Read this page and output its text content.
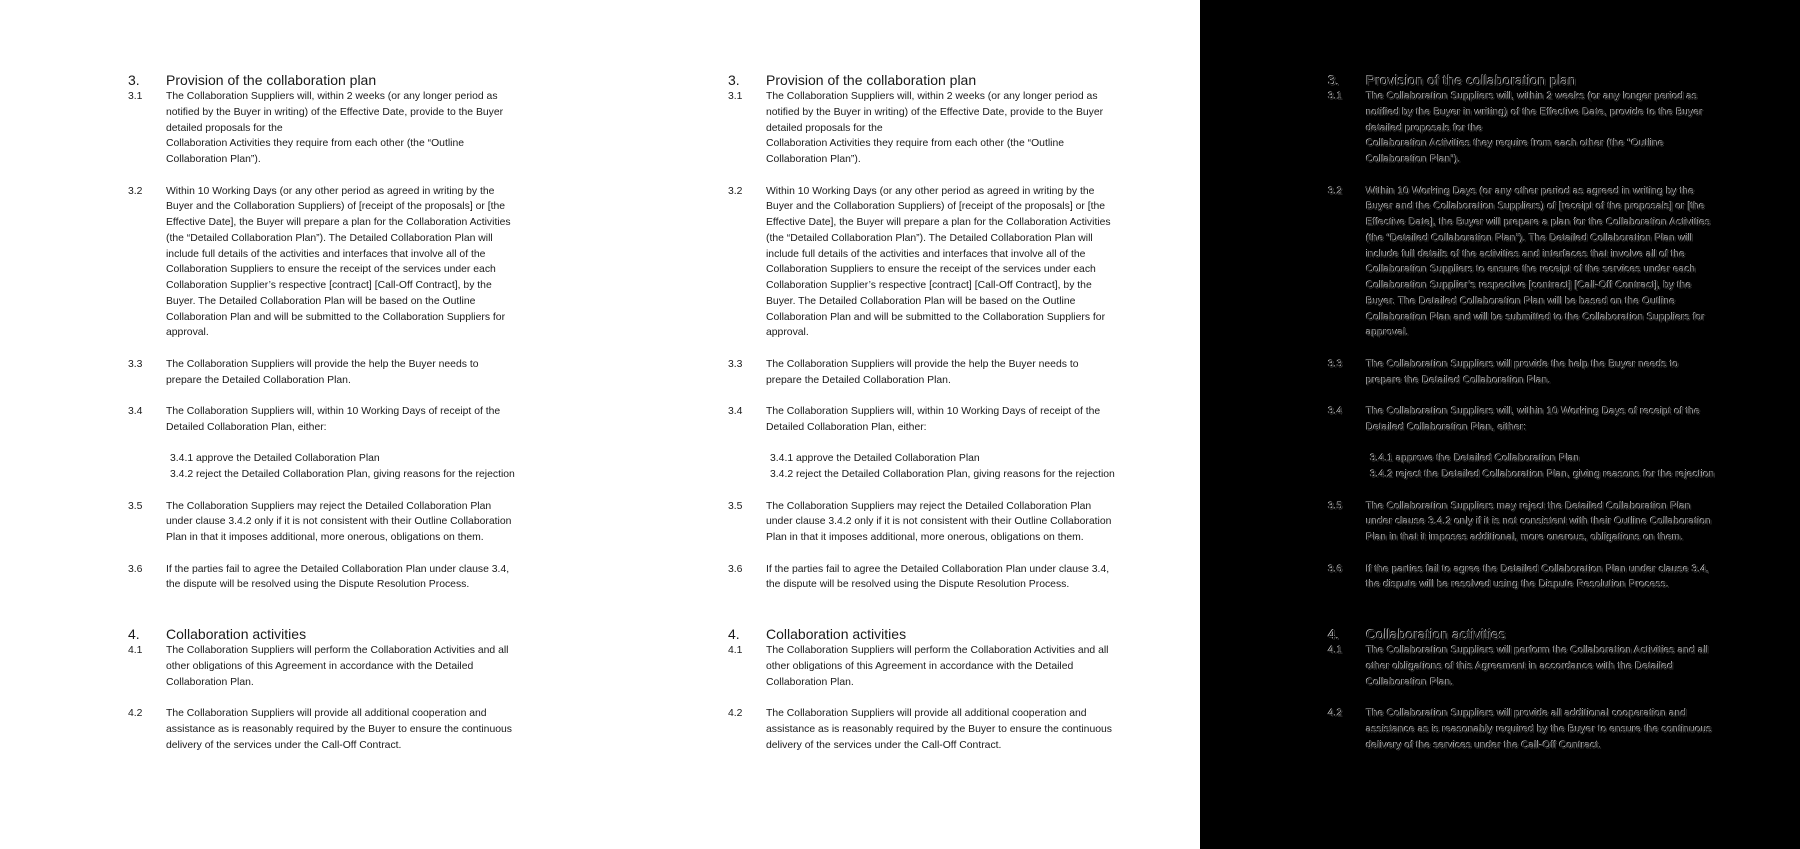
3.	Provision of the collaboration plan
3.1	The Collaboration Suppliers will, within 2 weeks (or any longer period as
notified by the Buyer in writing) of the Effective Date, provide to the Buyer
detailed proposals for the
Collaboration Activities they require from each other (the “Outline
Collaboration Plan”).
3.2	Within 10 Working Days (or any other period as agreed in writing by the
Buyer and the Collaboration Suppliers) of [receipt of the proposals] or [the
Effective Date], the Buyer will prepare a plan for the Collaboration Activities
(the “Detailed Collaboration Plan”). The Detailed Collaboration Plan will
include full details of the activities and interfaces that involve all of the
Collaboration Suppliers to ensure the receipt of the services under each
Collaboration Supplier’s respective [contract] [Call-Off Contract], by the
Buyer. The Detailed Collaboration Plan will be based on the Outline
Collaboration Plan and will be submitted to the Collaboration Suppliers for
approval.
3.3	The Collaboration Suppliers will provide the help the Buyer needs to
prepare the Detailed Collaboration Plan.
3.4	The Collaboration Suppliers will, within 10 Working Days of receipt of the
Detailed Collaboration Plan, either:
3.4.1 approve the Detailed Collaboration Plan
3.4.2 reject the Detailed Collaboration Plan, giving reasons for the rejection
3.5	The Collaboration Suppliers may reject the Detailed Collaboration Plan
under clause 3.4.2 only if it is not consistent with their Outline Collaboration
Plan in that it imposes additional, more onerous, obligations on them.
3.6	If the parties fail to agree the Detailed Collaboration Plan under clause 3.4,
the dispute will be resolved using the Dispute Resolution Process.
4.	Collaboration activities
4.1	The Collaboration Suppliers will perform the Collaboration Activities and all
other obligations of this Agreement in accordance with the Detailed
Collaboration Plan.
4.2	The Collaboration Suppliers will provide all additional cooperation and
assistance as is reasonably required by the Buyer to ensure the continuous
delivery of the services under the Call-Off Contract.
3.	Provision of the collaboration plan
3.1	The Collaboration Suppliers will, within 2 weeks (or any longer period as
notified by the Buyer in writing) of the Effective Date, provide to the Buyer
detailed proposals for the
Collaboration Activities they require from each other (the “Outline
Collaboration Plan”).
3.2	Within 10 Working Days (or any other period as agreed in writing by the
Buyer and the Collaboration Suppliers) of [receipt of the proposals] or [the
Effective Date], the Buyer will prepare a plan for the Collaboration Activities
(the “Detailed Collaboration Plan”). The Detailed Collaboration Plan will
include full details of the activities and interfaces that involve all of the
Collaboration Suppliers to ensure the receipt of the services under each
Collaboration Supplier’s respective [contract] [Call-Off Contract], by the
Buyer. The Detailed Collaboration Plan will be based on the Outline
Collaboration Plan and will be submitted to the Collaboration Suppliers for
approval.
3.3	The Collaboration Suppliers will provide the help the Buyer needs to
prepare the Detailed Collaboration Plan.
3.4	The Collaboration Suppliers will, within 10 Working Days of receipt of the
Detailed Collaboration Plan, either:
3.4.1 approve the Detailed Collaboration Plan
3.4.2 reject the Detailed Collaboration Plan, giving reasons for the rejection
3.5	The Collaboration Suppliers may reject the Detailed Collaboration Plan
under clause 3.4.2 only if it is not consistent with their Outline Collaboration
Plan in that it imposes additional, more onerous, obligations on them.
3.6	If the parties fail to agree the Detailed Collaboration Plan under clause 3.4,
the dispute will be resolved using the Dispute Resolution Process.
4.	Collaboration activities
4.1	The Collaboration Suppliers will perform the Collaboration Activities and all
other obligations of this Agreement in accordance with the Detailed
Collaboration Plan.
4.2	The Collaboration Suppliers will provide all additional cooperation and
assistance as is reasonably required by the Buyer to ensure the continuous
delivery of the services under the Call-Off Contract.
3.	Provision of the collaboration plan
3.1	The Collaboration Suppliers will, within 2 weeks (or any longer period as
notified by the Buyer in writing) of the Effective Date, provide to the Buyer
detailed proposals for the
Collaboration Activities they require from each other (the “Outline
Collaboration Plan”).
3.2	Within 10 Working Days (or any other period as agreed in writing by the
Buyer and the Collaboration Suppliers) of [receipt of the proposals] or [the
Effective Date], the Buyer will prepare a plan for the Collaboration Activities
(the “Detailed Collaboration Plan”). The Detailed Collaboration Plan will
include full details of the activities and interfaces that involve all of the
Collaboration Suppliers to ensure the receipt of the services under each
Collaboration Supplier’s respective [contract] [Call-Off Contract], by the
Buyer. The Detailed Collaboration Plan will be based on the Outline
Collaboration Plan and will be submitted to the Collaboration Suppliers for
approval.
3.3	The Collaboration Suppliers will provide the help the Buyer needs to
prepare the Detailed Collaboration Plan.
3.4	The Collaboration Suppliers will, within 10 Working Days of receipt of the
Detailed Collaboration Plan, either:
3.4.1 approve the Detailed Collaboration Plan
3.4.2 reject the Detailed Collaboration Plan, giving reasons for the rejection
3.5	The Collaboration Suppliers may reject the Detailed Collaboration Plan
under clause 3.4.2 only if it is not consistent with their Outline Collaboration
Plan in that it imposes additional, more onerous, obligations on them.
3.6	If the parties fail to agree the Detailed Collaboration Plan under clause 3.4,
the dispute will be resolved using the Dispute Resolution Process.
4.	Collaboration activities
4.1	The Collaboration Suppliers will perform the Collaboration Activities and all
other obligations of this Agreement in accordance with the Detailed
Collaboration Plan.
4.2	The Collaboration Suppliers will provide all additional cooperation and
assistance as is reasonably required by the Buyer to ensure the continuous
delivery of the services under the Call-Off Contract.
